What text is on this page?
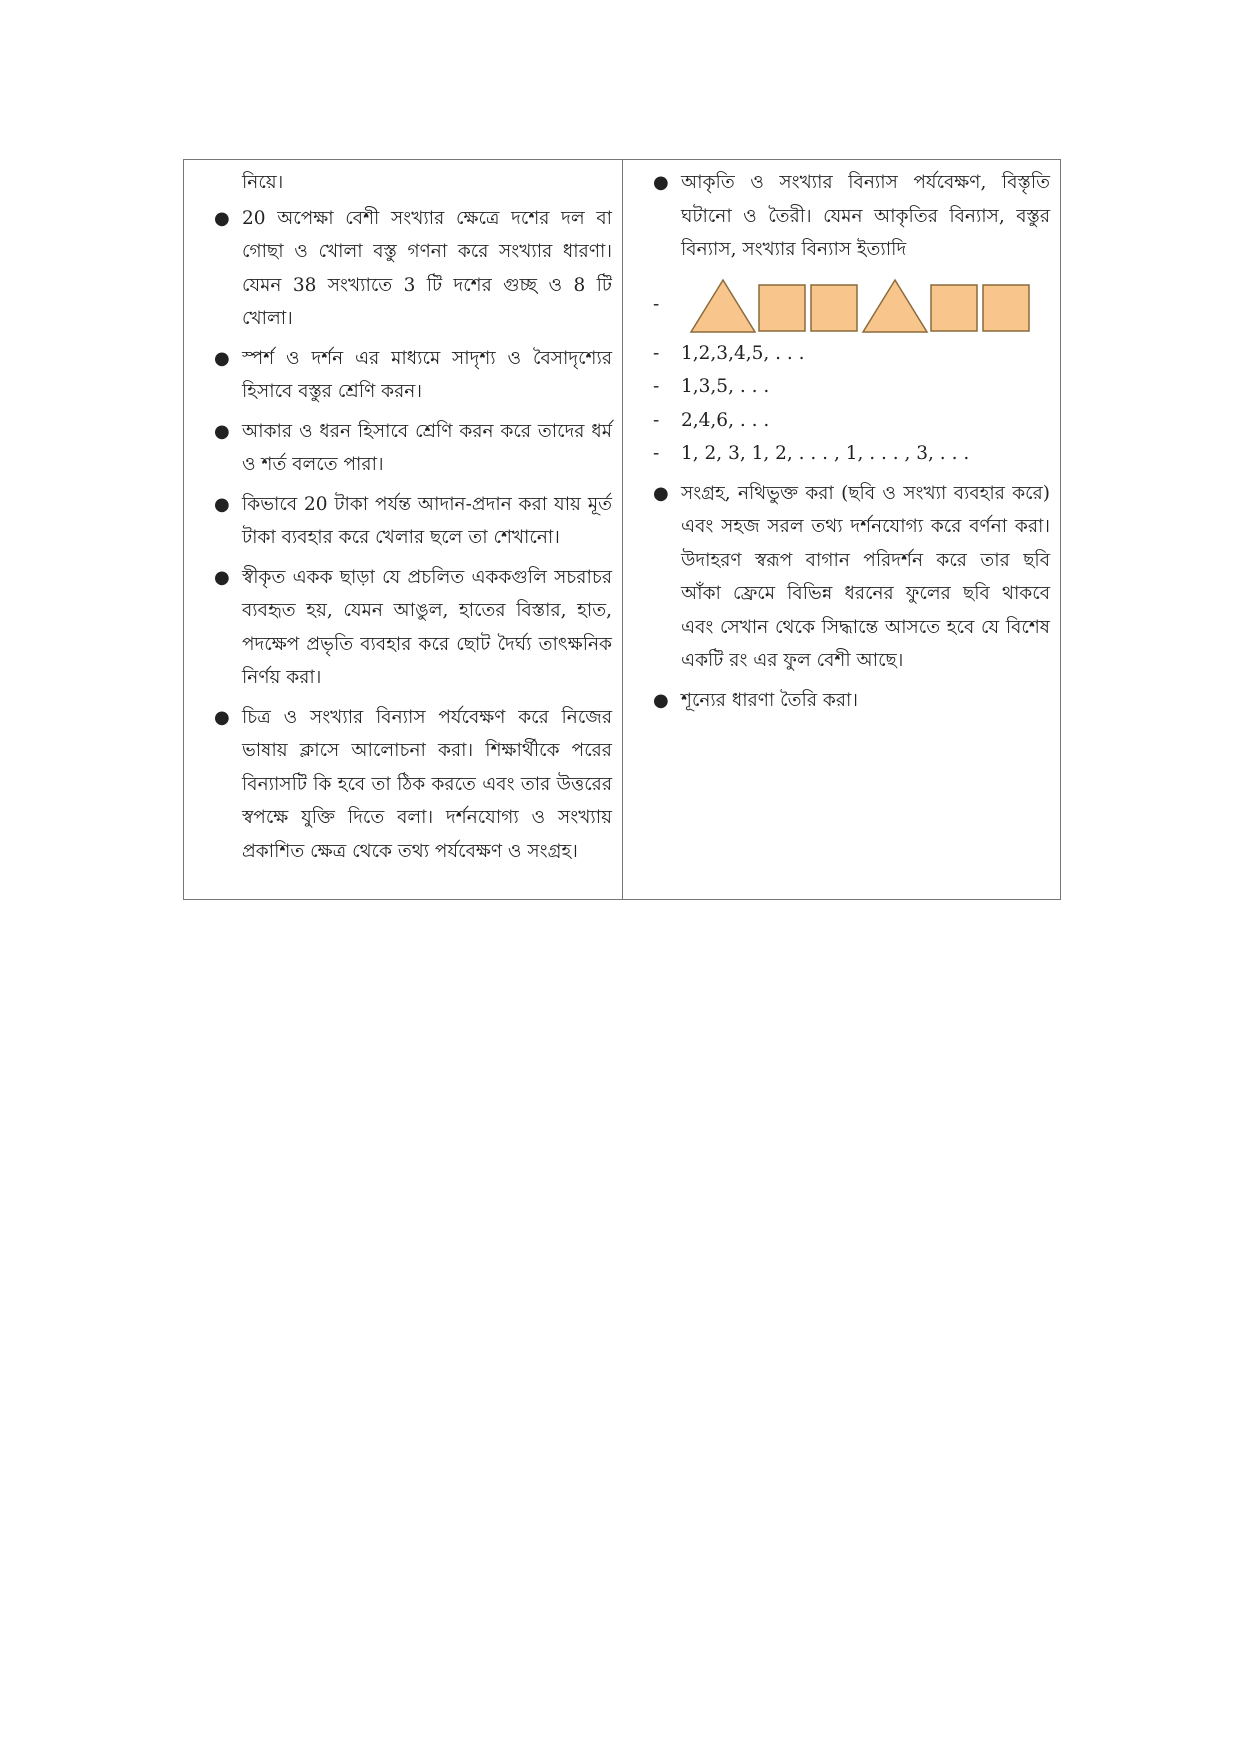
নিয়ে।

● 20 অপেক্ষা বেশী সংখ্যার ক্ষেত্রে দশের দল বা গোছা ও খোলা বস্তু গণনা করে সংখ্যার ধারণা। যেমন 38 সংখ্যাতে 3 টি দশের গুচ্ছ ও 8 টি খোলা।

● স্পর্শ ও দর্শন এর মাধ্যমে সাদৃশ্য ও বৈসাদৃশ্যের হিসাবে বস্তুর শ্রেণি করন।

● আকার ও ধরন হিসাবে শ্রেণি করন করে তাদের ধর্ম ও শর্ত বলতে পারা।

● কিভাবে 20 টাকা পর্যন্ত আদান-প্রদান করা যায় মূর্ত টাকা ব্যবহার করে খেলার ছলে তা শেখানো।

● স্বীকৃত একক ছাড়া যে প্রচলিত এককগুলি সচরাচর ব্যবহৃত হয়, যেমন আঙুল, হাতের বিস্তার, হাত, পদক্ষেপ প্রভৃতি ব্যবহার করে ছোট দৈর্ঘ্য তাৎক্ষনিক নির্ণয় করা।

● চিত্র ও সংখ্যার বিন্যাস পর্যবেক্ষণ করে নিজের ভাষায় ক্লাসে আলোচনা করা। শিক্ষার্থীকে পরের বিন্যাসটি কি হবে তা ঠিক করতে এবং তার উত্তরের স্বপক্ষে যুক্তি দিতে বলা। দর্শনযোগ্য ও সংখ্যায় প্রকাশিত ক্ষেত্র থেকে তথ্য পর্যবেক্ষণ ও সংগ্রহ।

● আকৃতি ও সংখ্যার বিন্যাস পর্যবেক্ষণ, বিস্তৃতি ঘটানো ও তৈরী। যেমন আকৃতির বিন্যাস, বস্তুর বিন্যাস, সংখ্যার বিন্যাস ইত্যাদি

-
- 1,2,3,4,5, . . .
- 1,3,5, . . .
- 2,4,6, . . .
- 1, 2, 3, 1, 2, . . . , 1, . . . , 3, . . .

● সংগ্রহ, নথিভুক্ত করা (ছবি ও সংখ্যা ব্যবহার করে) এবং সহজ সরল তথ্য দর্শনযোগ্য করে বর্ণনা করা। উদাহরণ স্বরূপ বাগান পরিদর্শন করে তার ছবি আঁকা ফ্রেমে বিভিন্ন ধরনের ফুলের ছবি থাকবে এবং সেখান থেকে সিদ্ধান্তে আসতে হবে যে বিশেষ একটি রং এর ফুল বেশী আছে।

● শূন্যের ধারণা তৈরি করা।
